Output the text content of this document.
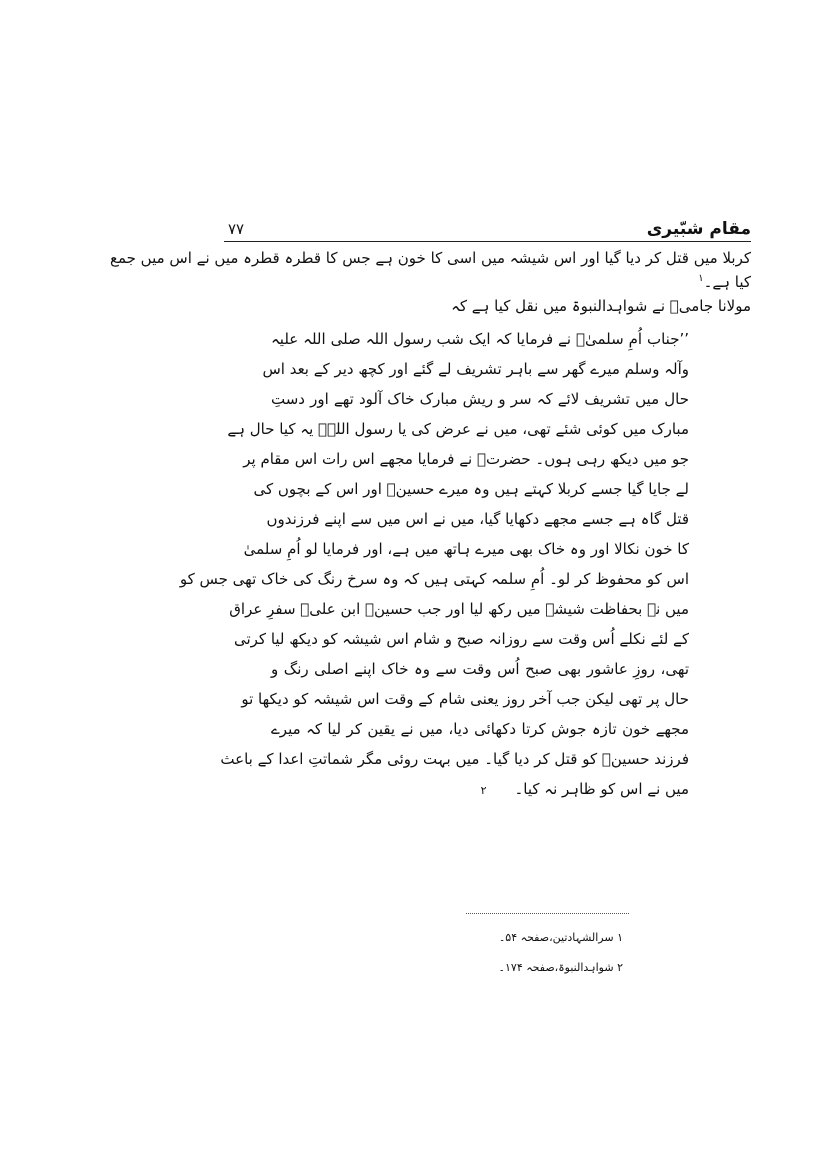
مقام شبّیری
۷۷
کربلا میں قتل کر دیا گیا اور اس شیشہ میں اسی کا خون ہے جس کا قطرہ قطرہ میں نے اس میں جمع
کیا ہے۔$^۱$
مولانا جامیؒ نے شواہدالنبوۃ میں نقل کیا ہے کہ
’’جناب اُمِ سلمیٰؓ نے فرمایا کہ ایک شب رسول اللہ صلی اللہ علیہ
وآلہ وسلم میرے گھر سے باہر تشریف لے گئے اور کچھ دیر کے بعد اس
حال میں تشریف لائے کہ سر و ریش مبارک خاک آلود تھے اور دستِ
مبارک میں کوئی شئے تھی، میں نے عرض کی یا رسول اللہؐ یہ کیا حال ہے
جو میں دیکھ رہی ہوں۔ حضرتؐ نے فرمایا مجھے اس رات اس مقام پر
لے جایا گیا جسے کربلا کہتے ہیں وہ میرے حسینؑ اور اس کے بچوں کی
قتل گاہ ہے جسے مجھے دکھایا گیا، میں نے اس میں سے اپنے فرزندوں
کا خون نکالا اور وہ خاک بھی میرے ہاتھ میں ہے، اور فرمایا لو اُمِ سلمیٰ
اس کو محفوظ کر لو۔ اُمِ سلمہ کہتی ہیں کہ وہ سرخ رنگ کی خاک تھی جس کو
میں نے بحفاظت شیشہ میں رکھ لیا اور جب حسینؑ ابن علیؑ سفرِ عراق
کے لئے نکلے اُس وقت سے روزانہ صبح و شام اس شیشہ کو دیکھ لیا کرتی
تھی، روزِ عاشور بھی صبح اُس وقت سے وہ خاک اپنے اصلی رنگ و
حال پر تھی لیکن جب آخر روز یعنی شام کے وقت اس شیشہ کو دیکھا تو
مجھے خون تازہ جوش کرتا دکھائی دیا، میں نے یقین کر لیا کہ میرے
فرزند حسینؑ کو قتل کر دیا گیا۔ میں بہت روئی مگر شماتتِ اعدا کے باعث
میں نے اس کو ظاہر نہ کیا۔۲
۱ سرالشہادتین،صفحہ ۵۴۔
۲ شواہدالنبوۃ،صفحہ ۱۷۴۔
